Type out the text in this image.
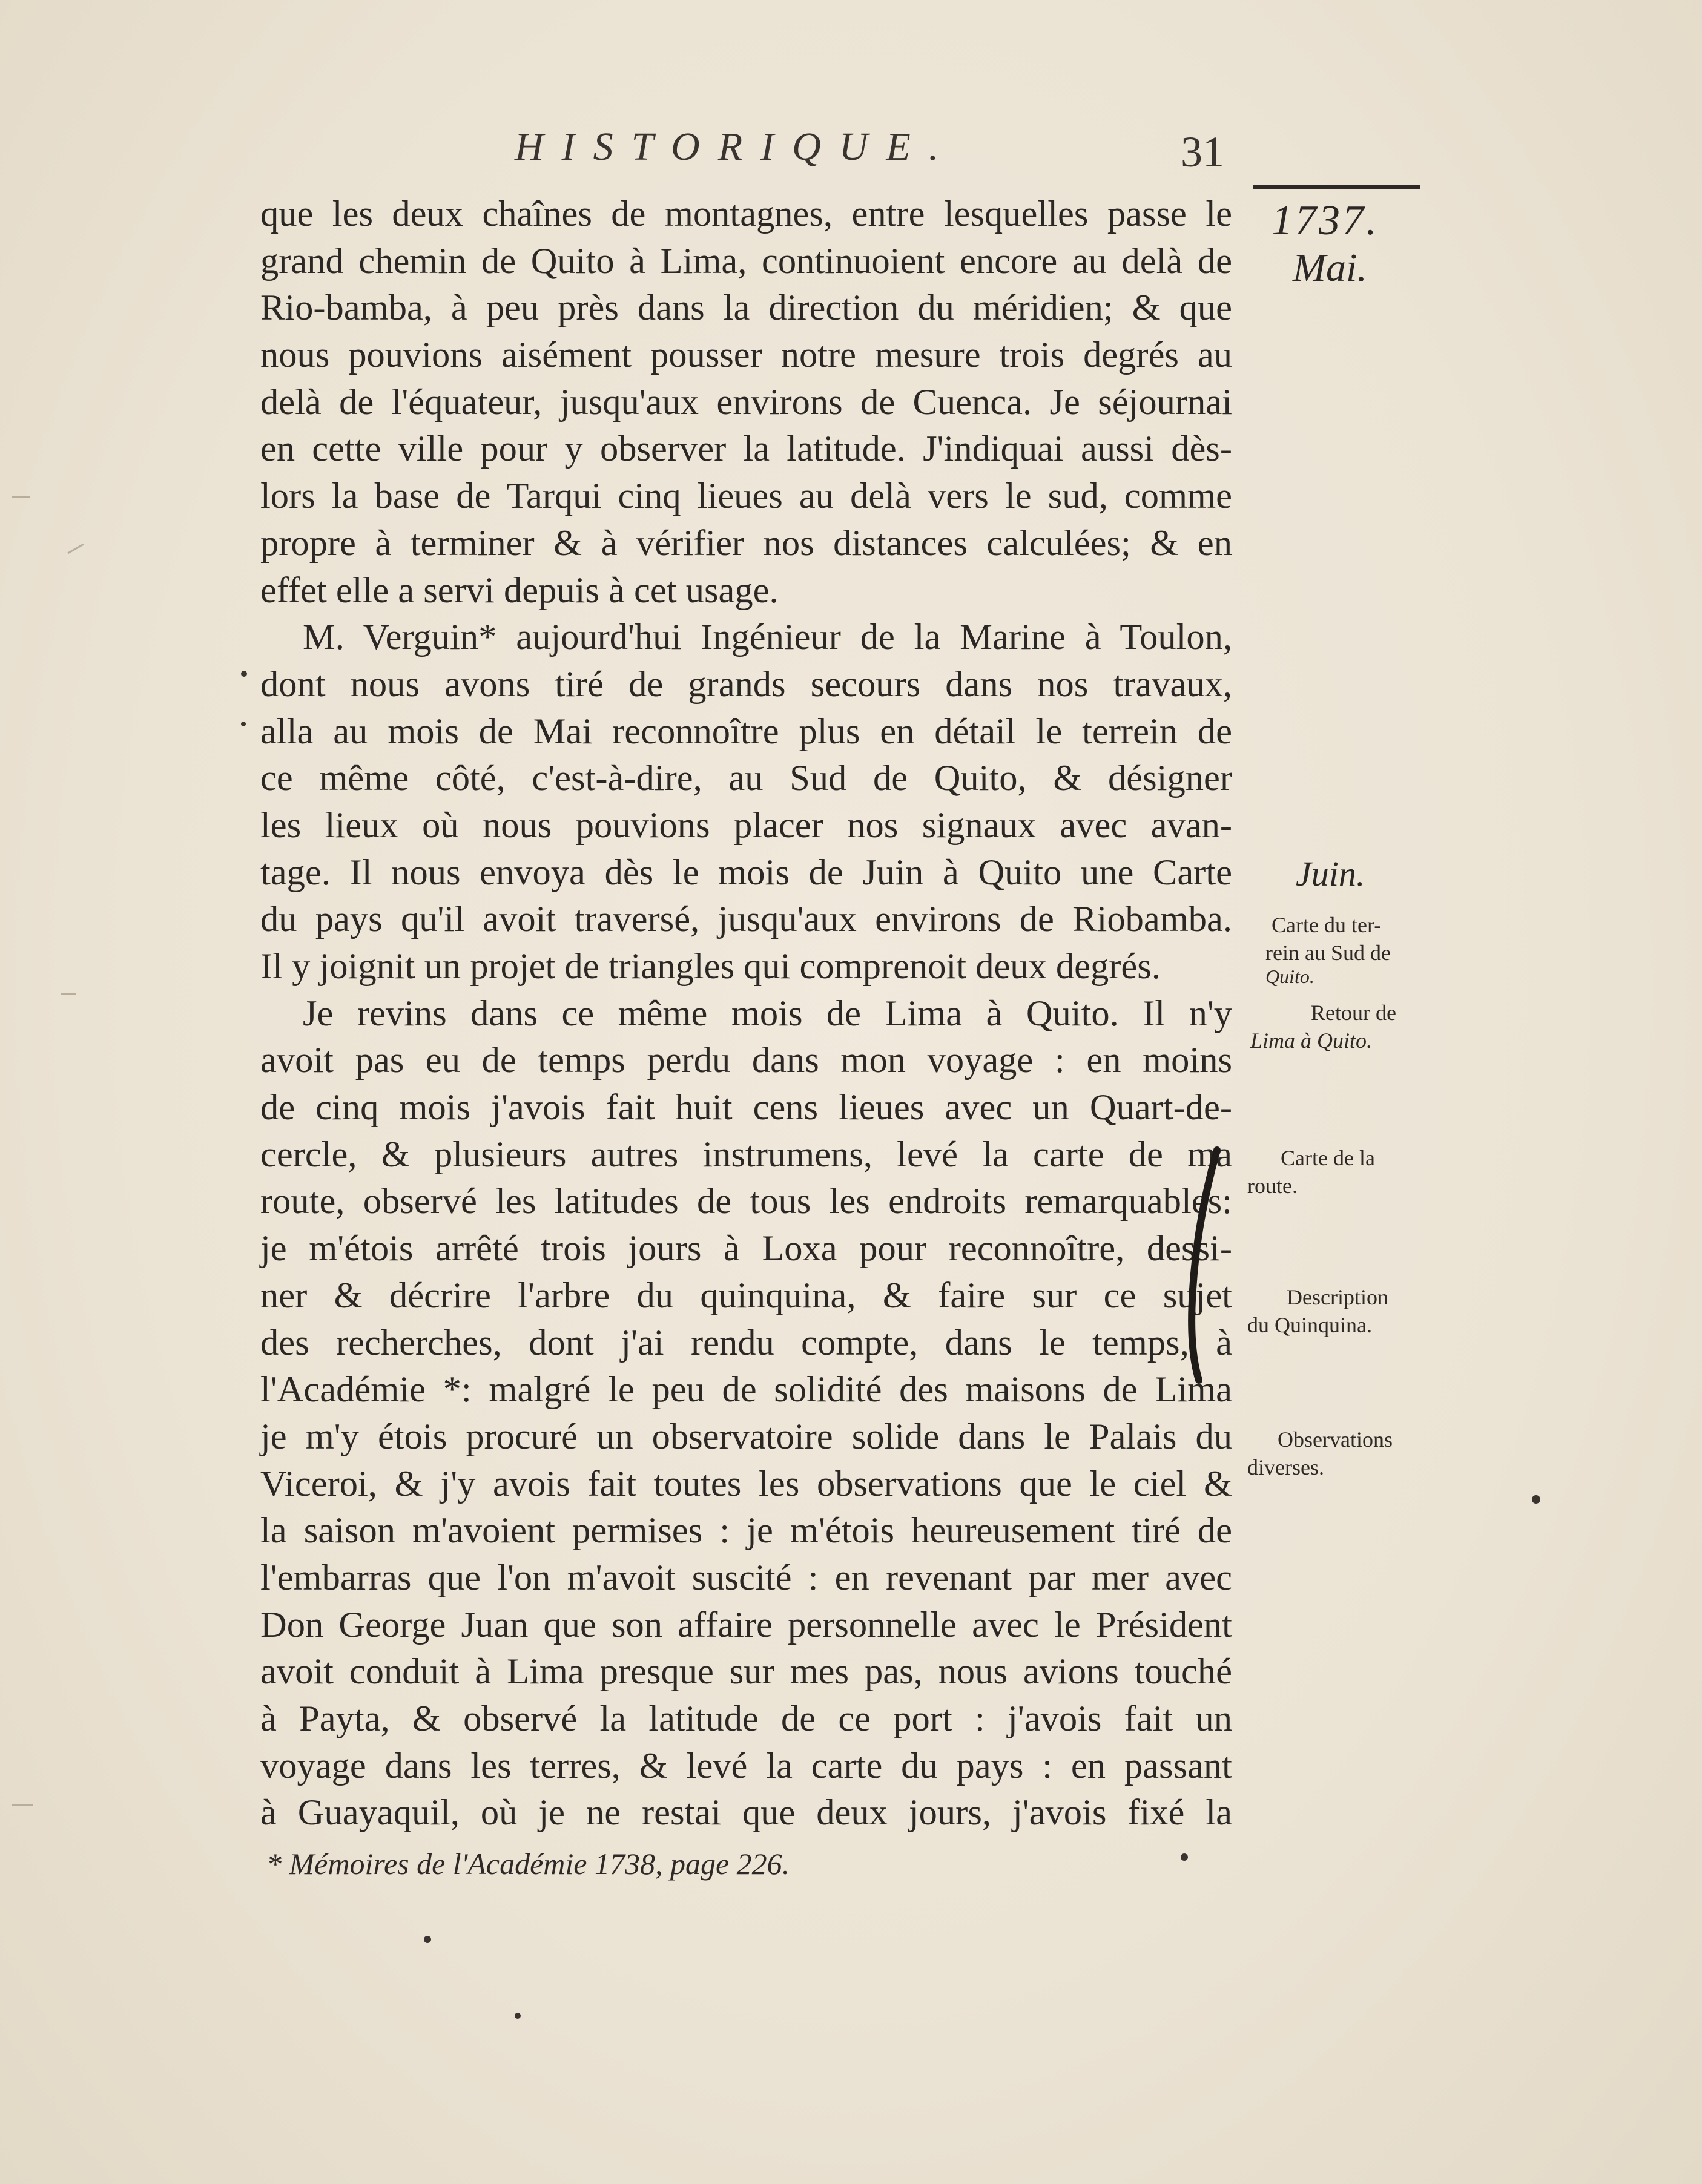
HISTORIQUE.	31
que les deux chaînes de montagnes, entre lesquelles passe le
grand chemin de Quito à Lima, continuoient encore au delà de
Rio-bamba, à peu près dans la direction du méridien; & que
nous pouvions aisément pousser notre mesure trois degrés au
delà de l'équateur, jusqu'aux environs de Cuenca. Je séjournai
en cette ville pour y observer la latitude. J'indiquai aussi dès-
lors la base de Tarqui cinq lieues au delà vers le sud, comme
propre à terminer & à vérifier nos distances calculées; & en
effet elle a servi depuis à cet usage.
M. Verguin* aujourd'hui Ingénieur de la Marine à Toulon,
dont nous avons tiré de grands secours dans nos travaux,
alla au mois de Mai reconnoître plus en détail le terrein de
ce même côté, c'est-à-dire, au Sud de Quito, & désigner
les lieux où nous pouvions placer nos signaux avec avan-
tage. Il nous envoya dès le mois de Juin à Quito une Carte
du pays qu'il avoit traversé, jusqu'aux environs de Riobamba.
Il y joignit un projet de triangles qui comprenoit deux degrés.
Je revins dans ce même mois de Lima à Quito. Il n'y
avoit pas eu de temps perdu dans mon voyage : en moins
de cinq mois j'avois fait huit cens lieues avec un Quart-de-
cercle, & plusieurs autres instrumens, levé la carte de ma
route, observé les latitudes de tous les endroits remarquables:
je m'étois arrêté trois jours à Loxa pour reconnoître, dessi-
ner & décrire l'arbre du quinquina, & faire sur ce sujet
des recherches, dont j'ai rendu compte, dans le temps, à
l'Académie *: malgré le peu de solidité des maisons de Lima
je m'y étois procuré un observatoire solide dans le Palais du
Viceroi, & j'y avois fait toutes les observations que le ciel &
la saison m'avoient permises : je m'étois heureusement tiré de
l'embarras que l'on m'avoit suscité : en revenant par mer avec
Don George Juan que son affaire personnelle avec le Président
avoit conduit à Lima presque sur mes pas, nous avions touché
à Payta, & observé la latitude de ce port : j'avois fait un
voyage dans les terres, & levé la carte du pays : en passant
à Guayaquil, où je ne restai que deux jours, j'avois fixé la
* Mémoires de l'Académie 1738, page 226.
1737.
Mai.
Juin.
Carte du ter-
rein au Sud de
Quito.
Retour de
Lima à Quito.
Carte de la
route.
Description
du Quinquina.
Observations
diverses.
